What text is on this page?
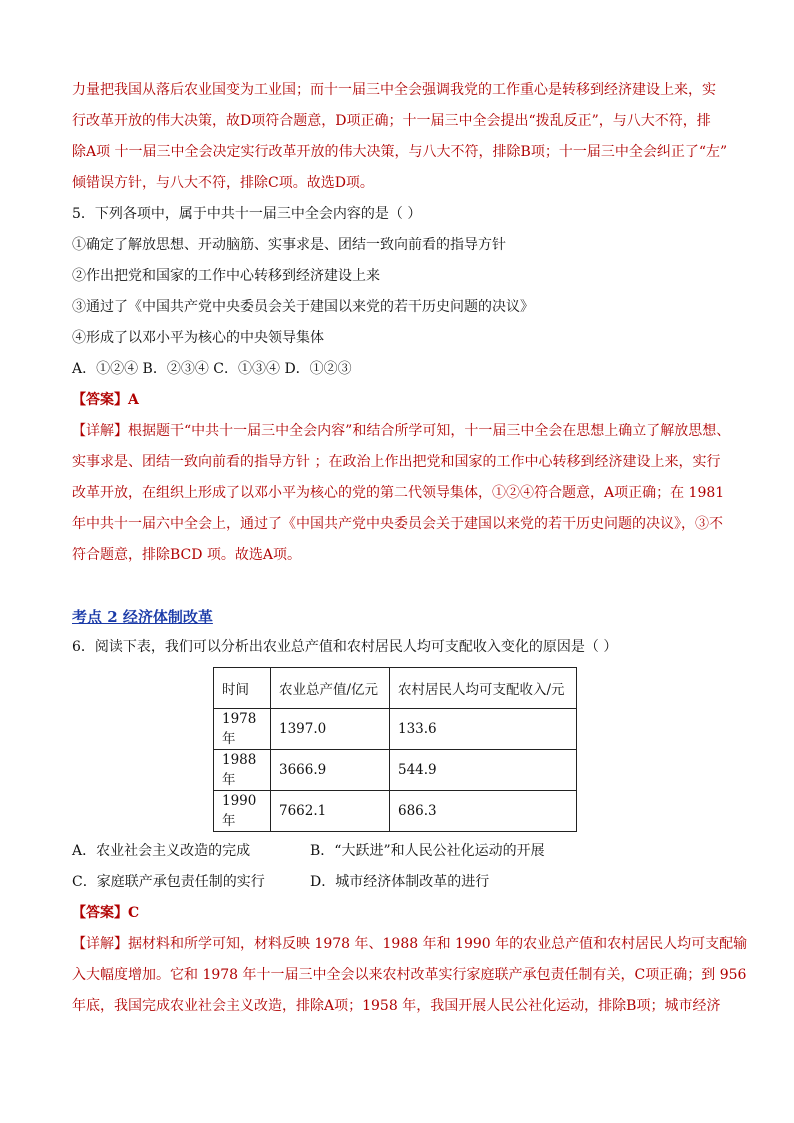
力量把我国从落后农业国变为工业国；而十一届三中全会强调我党的工作重心是转移到经济建设上来，实
行改革开放的伟大决策，故D项符合题意，D项正确；十一届三中全会提出“拨乱反正”，与八大不符，排
除A项 十一届三中全会决定实行改革开放的伟大决策，与八大不符，排除B项；十一届三中全会纠正了“左”
倾错误方针，与八大不符，排除C项。故选D项。
5．下列各项中，属于中共十一届三中全会内容的是（ ）
①确定了解放思想、开动脑筋、实事求是、团结一致向前看的指导方针
②作出把党和国家的工作中心转移到经济建设上来
③通过了《中国共产党中央委员会关于建国以来党的若干历史问题的决议》
④形成了以邓小平为核心的中央领导集体
A．①②④ B．②③④ C．①③④ D．①②③
【答案】A
【详解】根据题干“中共十一届三中全会内容”和结合所学可知，十一届三中全会在思想上确立了解放思想、
实事求是、团结一致向前看的指导方针 ；在政治上作出把党和国家的工作中心转移到经济建设上来，实行
改革开放，在组织上形成了以邓小平为核心的党的第二代领导集体，①②④符合题意，A项正确；在 1981
年中共十一届六中全会上，通过了《中国共产党中央委员会关于建国以来党的若干历史问题的决议》，③不
符合题意，排除BCD 项。故选A项。
考点 2 经济体制改革
6．阅读下表，我们可以分析出农业总产值和农村居民人均可支配收入变化的原因是（ ）
时间	农业总产值/亿元	农村居民人均可支配收入/元
1978 年	1397.0	133.6
1988 年	3666.9	544.9
1990 年	7662.1	686.3
A．农业社会主义改造的完成	B．“大跃进”和人民公社化运动的开展
C．家庭联产承包责任制的实行	D．城市经济体制改革的进行
【答案】C
【详解】据材料和所学可知，材料反映 1978 年、1988 年和 1990 年的农业总产值和农村居民人均可支配输
入大幅度增加。它和 1978 年十一届三中全会以来农村改革实行家庭联产承包责任制有关，C项正确；到 956
年底，我国完成农业社会主义改造，排除A项；1958 年，我国开展人民公社化运动，排除B项；城市经济
